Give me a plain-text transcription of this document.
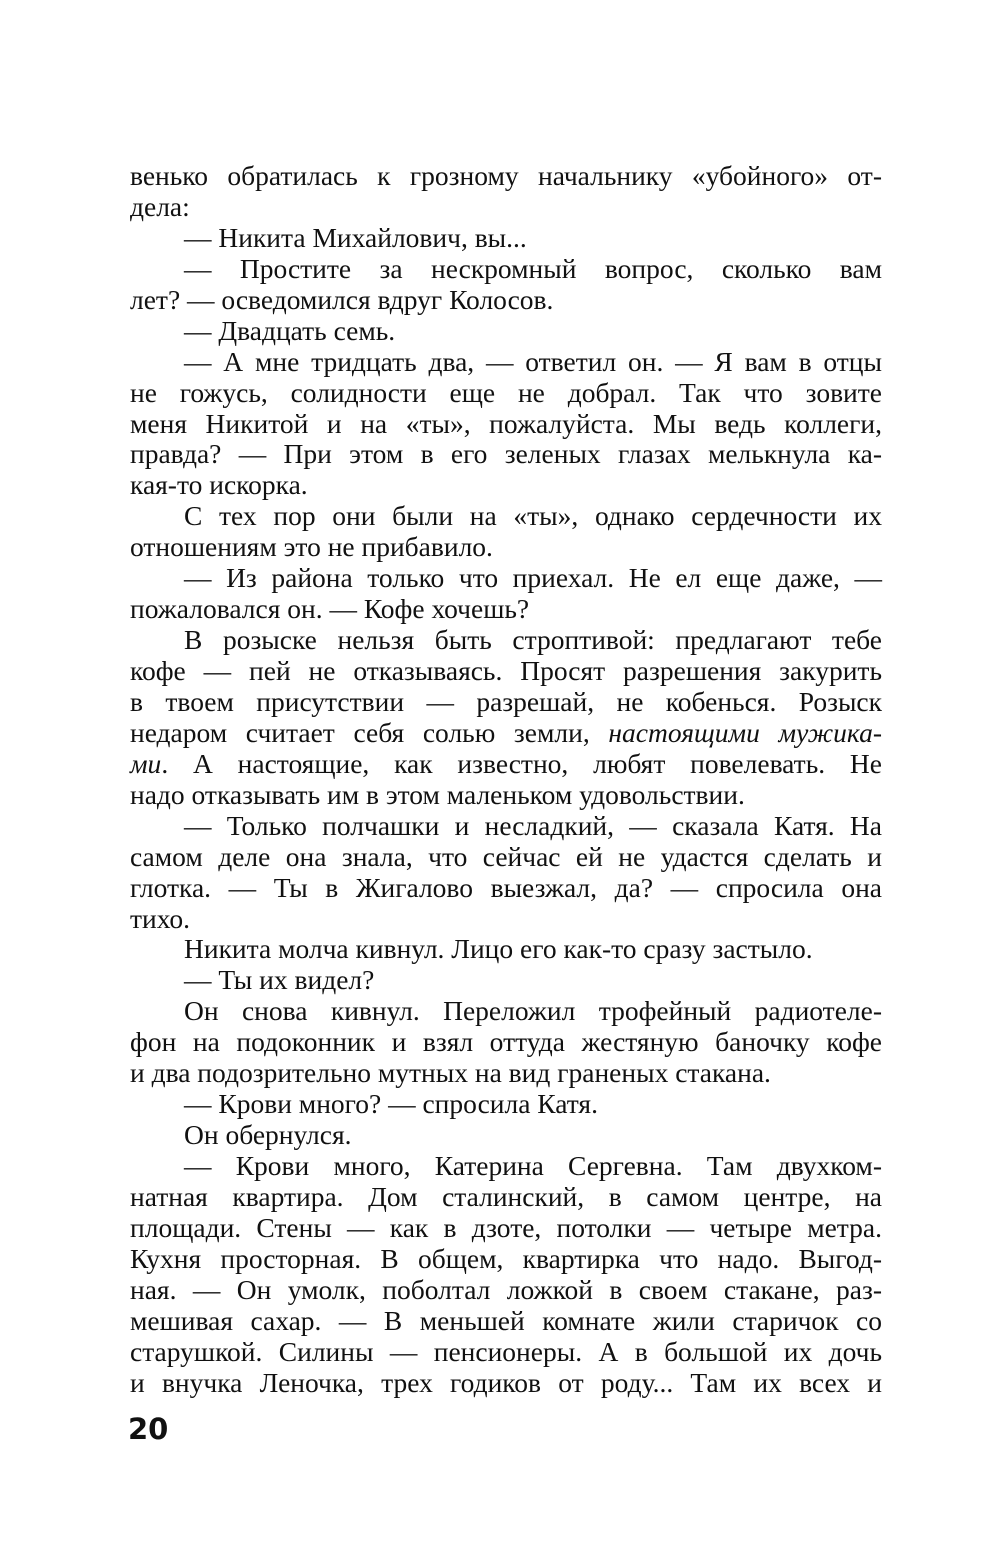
венько обратилась к грозному начальнику «убойного» от-
дела:
— Никита Михайлович, вы...
— Простите за нескромный вопрос, сколько вам
лет? — осведомился вдруг Колосов.
— Двадцать семь.
— А мне тридцать два, — ответил он. — Я вам в отцы
не гожусь, солидности еще не добрал. Так что зовите
меня Никитой и на «ты», пожалуйста. Мы ведь коллеги,
правда? — При этом в его зеленых глазах мелькнула ка-
кая-то искорка.
С тех пор они были на «ты», однако сердечности их
отношениям это не прибавило.
— Из района только что приехал. Не ел еще даже, —
пожаловался он. — Кофе хочешь?
В розыске нельзя быть строптивой: предлагают тебе
кофе — пей не отказываясь. Просят разрешения закурить
в твоем присутствии — разрешай, не кобенься. Розыск
недаром считает себя солью земли, настоящими мужика-
ми. А настоящие, как известно, любят повелевать. Не
надо отказывать им в этом маленьком удовольствии.
— Только полчашки и несладкий, — сказала Катя. На
самом деле она знала, что сейчас ей не удастся сделать и
глотка. — Ты в Жигалово выезжал, да? — спросила она
тихо.
Никита молча кивнул. Лицо его как-то сразу застыло.
— Ты их видел?
Он снова кивнул. Переложил трофейный радиотеле-
фон на подоконник и взял оттуда жестяную баночку кофе
и два подозрительно мутных на вид граненых стакана.
— Крови много? — спросила Катя.
Он обернулся.
— Крови много, Катерина Сергевна. Там двухком-
натная квартира. Дом сталинский, в самом центре, на
площади. Стены — как в дзоте, потолки — четыре метра.
Кухня просторная. В общем, квартирка что надо. Выгод-
ная. — Он умолк, поболтал ложкой в своем стакане, раз-
мешивая сахар. — В меньшей комнате жили старичок со
старушкой. Силины — пенсионеры. А в большой их дочь
и внучка Леночка, трех годиков от роду... Там их всех и
20
